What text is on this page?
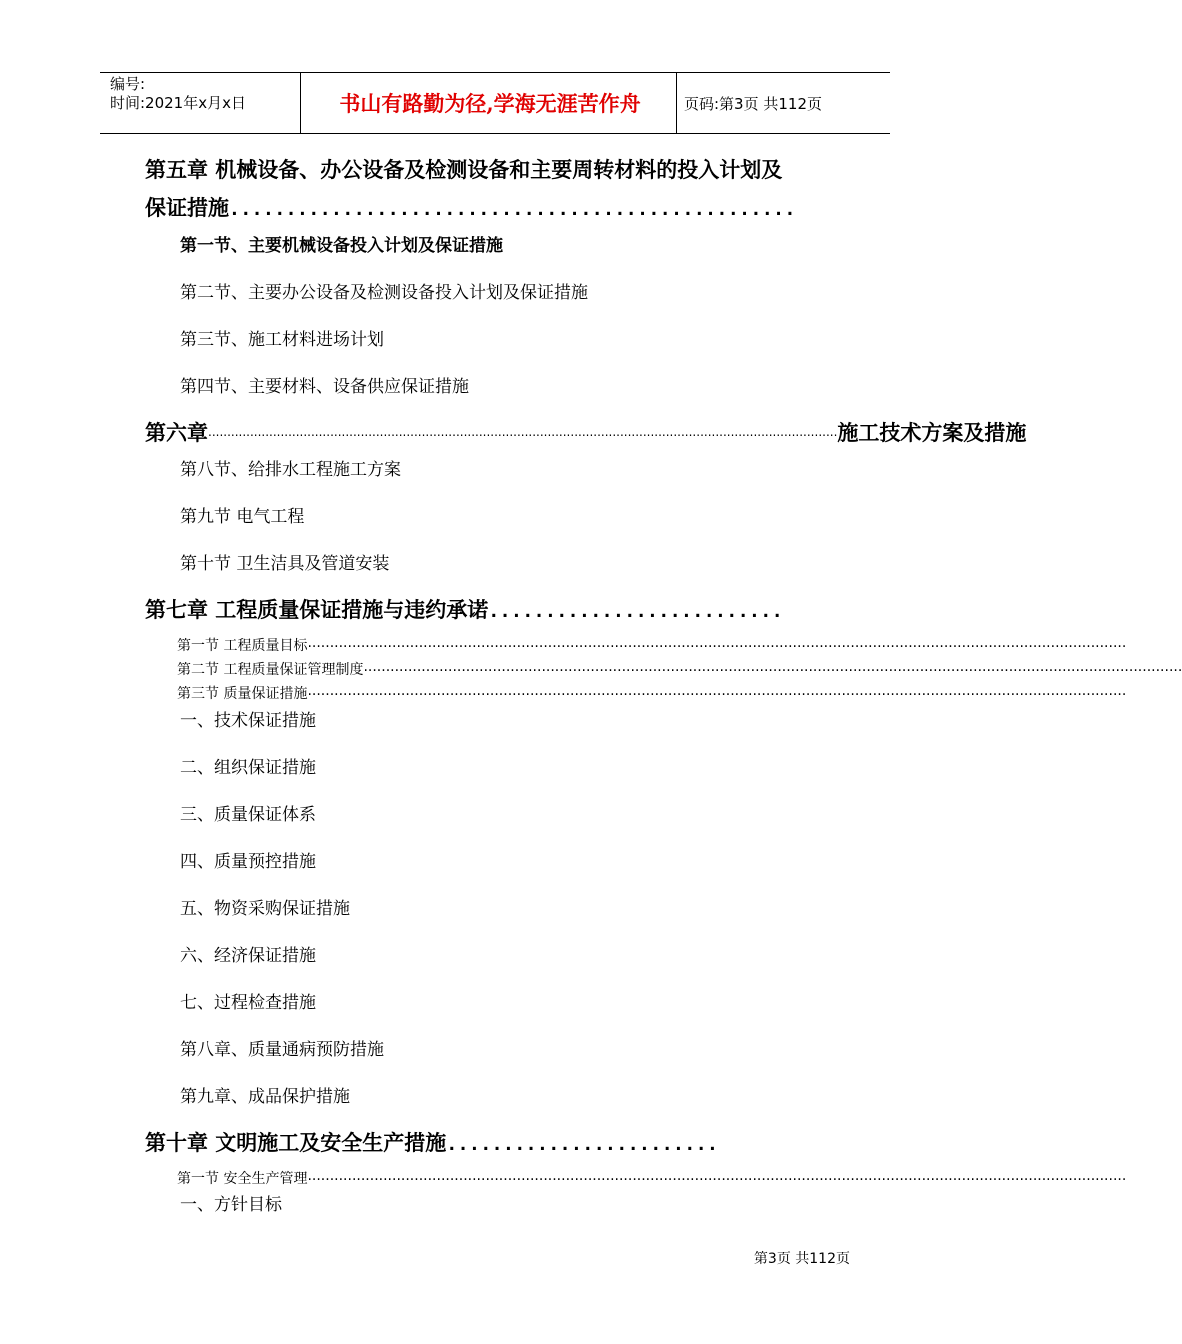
编号:
时间:2021年x月x日	书山有路勤为径,学海无涯苦作舟	页码:第3页 共112页
第五章 机械设备、办公设备及检测设备和主要周转材料的投入计划及
保证措施..................................................
第一节、主要机械设备投入计划及保证措施
第二节、主要办公设备及检测设备投入计划及保证措施
第三节、施工材料进场计划
第四节、主要材料、设备供应保证措施
第六章 ..................................................................................................................................................................... 施工技术方案及措施
第八节、给排水工程施工方案
第九节 电气工程
第十节 卫生洁具及管道安装
第七章 工程质量保证措施与违约承诺..........................
第一节 工程质量目标 ........................................................................................................................................................................................
第二节 工程质量保证管理制度 ........................................................................................................................................................................................
第三节 质量保证措施 ........................................................................................................................................................................................
一、技术保证措施
二、组织保证措施
三、质量保证体系
四、质量预控措施
五、物资采购保证措施
六、经济保证措施
七、过程检查措施
第八章、质量通病预防措施
第九章、成品保护措施
第十章 文明施工及安全生产措施........................
第一节 安全生产管理 ........................................................................................................................................................................................
一、方针目标
第3页 共112页
